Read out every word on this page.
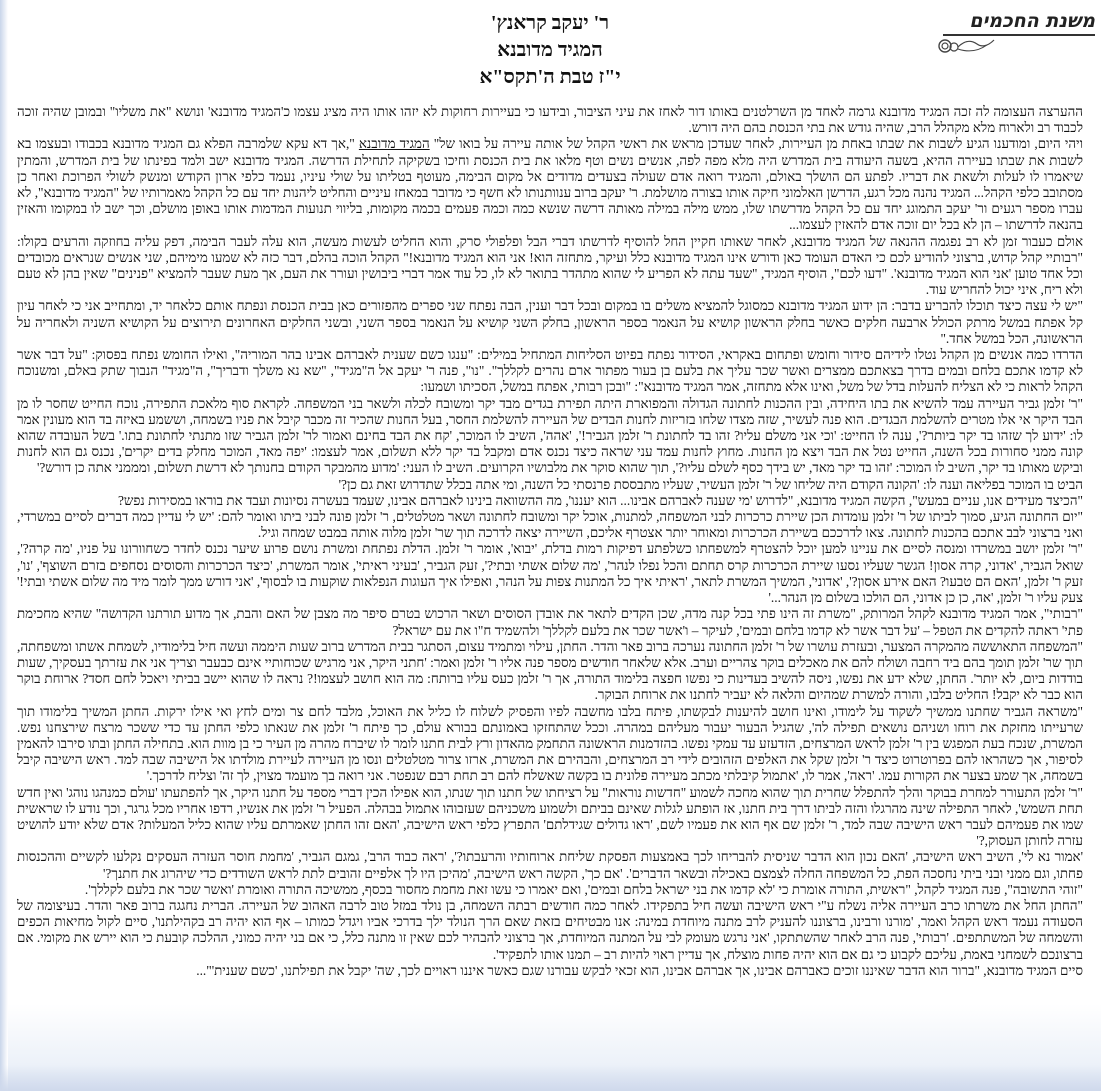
משנת החכמים
ר' יעקב קראנץ'
המגיד מדובנא
י"ז טבת ה'תקס"א

ההערצה העצומה לה זכה המגיד מדובנא גרמה לאחד מן השרלטנים באותו דור לאחז את עיני הציבור, ובידעו כי בעיירות רחוקות לא יזהו אותו היה מציג עצמו כ'המגיד מדובנא' ונושא "את משליו" ובמובן שהיה זוכה לכבוד רב ולארוח מלא מקהלל הרב, שהיה גודש את בתי הכנסת בהם היה דורש.

ויהי היום, ומודענו הגיע לשבות את שבתו באחת מן העיירות, לאחר שעדכן מראש את ראשי הקהל של אותה עיירה על בואו של" המגיד מדובנא ",אך דא עקא שלמרבה הפלא גם המגיד מדובנא בכבודו ובעצמו בא לשבות את שבתו בעיירה ההיא, בשעה היעודה בית המדרש היה מלא מפה לפה, אנשים נשים וטף מלאו את בית הכנסת וחיכו בשקיקה לתחילת הדרשה. המגיד מדובנא ישב ולמד בפינתו של בית המדרש, והמתין שיאמרו לו לעלות ולשאת את דבריו. לפתע הם הושלך באולם, והמגיד רואה אדם שעולה בצעדים מדודים אל מקום הבימה, מעוטף בטליתו על שולי עיניו, נעמד כלפי ארון הקודש ומנשק לשולי הפרוכת ואחר כן מסתובב כלפי הקהל... המגיד נהנה מכל רגע, הדרשן האלמוני חיקה אותו בצורה מושלמת. ר' יעקב ברוב ענוותנותו לא חשף כי מדובר במאחז עיניים והחליט ליהנות יחד עם כל הקהל מאמרותיו של "המגיד מדובנא", לא עברו מספר רגעים ור' יעקב התמוגג יחד עם כל הקהל מדרשתו שלו, ממש מילה במילה מאותה דרשה שנשא כמה וכמה פעמים בכמה מקומות, בליווי תנועות המדמות אותו באופן מושלם, וכך ישב לו במקומו והאזין בהנאה לדרשתו – הן לא בכל יום זוכה אדם להאזין לעצמו...

אולם כעבור זמן לא רב נפגמה ההנאה של המגיד מדובנא, לאחר שאותו חקיין החל להוסיף לדרשתו דברי הבל ופלפולי סרק, והוא החליט לעשות מעשה, הוא עלה לעבר הבימה, דפק עליה בחוזקה והרעים בקולו: "רבותיי קהל קדוש, ברצוני להודיע לכם כי האדם העומד כאן ודורש אינו המגיד מדובנא כלל ועיקר, מתחזה הוא! אני הוא המגיד מדובנא!" הקהל הוכה בהלם, דבר כזה לא שמעו מימיהם, שני אנשים שנראים מכובדים וכל אחד טוען 'אני הוא המגיד מדובנא'. "דעו לכם", הוסיף המגיד, "שעד עתה לא הפריע לי שהוא מתהדר בתואר לא לו, כל עוד אמר דברי ביבושין ועורר את העם, אך מעת שעבר להמציא "פנינים" שאין בהן לא טעם ולא ריח, איני יכול להחריש עוד.

"יש לי עצה כיצד תוכלו להבריע בדבר: הן ידוע המגיד מדובנא כמסוגל להמציא משלים בו במקום ובכל דבר וענין, הבה נפתח שני ספרים מהפזורים כאן בבית הכנסת ונפתח אותם כלאחר יד, ומתחייב אני כי לאחר עיון קל אפתח במשל מרתק הכולל ארבעה חלקים כאשר בחלק הראשון קושיא על הנאמר בספר הראשון, בחלק השני קושיא על הנאמר בספר השני, ובשני החלקים האחרונים תירוצים על הקושיא השניה ולאחריה על הראשונה, הכל במשל אחד."

הדרדו כמה אנשים מן הקהל נטלו לידיהם סידור וחומש ופתחום באקראי, הסידור נפתח בפיוט הסליחות המתחיל במילים: "ענגו כשם שענית לאברהם אבינו בהר המוריה", ואילו החומש נפתח בפסוק: "על דבר אשר לא קדמו אתכם בלחם ובמים בדרך בצאתכם ממצרים ואשר שכר עליך את בלעם בן בעור מפתור ארם נהרים לקללך". "נו", פנה ר' יעקב אל ה"מגיד", "שא נא משלך ודבריך", ה"מגיד" הנבוך שתק באלם, ומשנוכח הקהל לראות כי לא הצליח להעלות בדל של משל, ואינו אלא מתחזה, אמר המגיד מדובנא": "ובכן רבותי, אפתח במשל, הסכיתו ושמעו:

"ר' זלמן גביר העיירה עמד להשיא את בתו היחידה, ובין ההכנות לחתונה הגדולה והמפוארת היתה תפירת בגדים מבד יקר ומשובח לכלה ולשאר בני המשפחה. לקראת סוף מלאכת התפירה, נוכח החייט שחסר לו מן הבד היקר אי אלו מטרים להשלמת הבגדים. הוא פנה לעשיר, שזה מצדו שלחו בזריזות לחנות הבדים של העיירה להשלמת החסר, בעל החנות שהכיר זה מכבר קיבל את פניו בשמחה, וששמע באיזה בד הוא מעונין אמר לו: 'ידוע לך שזהו בד יקר ביותר?', ענה לו החייט: 'וכי אני משלם עליו? זהו בד לחתונת ר' זלמן הגביר!', 'אהה', השיב לו המוכר, 'קח את הבד בחינם ואמור לר' זלמן הגביר שזו מתנתי לחתונת בתו.' בשל העובדה שהוא קונה ממני סחורות בכל השנה, החייט נטל את הבד ויצא מן החנות. מחוץ לחנות עמד עני שראה כיצד נכנס אדם ומקבל בד יקר ללא תשלום, אמר לעצמו: 'יפה מאד, המוכר מחלק בדים יקרים', נכנס גם הוא לחנות וביקש מאותו בד יקר, השיב לו המוכר: 'זהו בד יקר מאד, יש בידך כסף לשלם עליו?', תוך שהוא סוקר את מלבושיו הקרועים. השיב לו העני: 'מדוע מהמבקר הקודם בחנותך לא דרשת תשלום, ומממני אתה כן דורש?'

הביט בו המוכר בפליאה וענה לו: 'הקונה הקודם היה שליחו של ר' זלמן העשיר, שעליו מתבססת פרנסתי כל השנה, ומי אתה בכלל שתדרוש זאת גם כן?'

"הכיצד מעידים אנו, עניים במעש", הקשה המגיד מדובנא, "לדרוש 'מי שענה לאברהם אבינו... הוא יעננו', מה ההשוואה בינינו לאברהם אבינו, שעמד בעשרה נסיונות ועבד את בוראו במסירות נפש?

"יום החתונה הגיע, סמוך לביתו של ר' זלמן עומדות הכן שיירת כרכרות לבני המשפחה, למתנות, אוכל יקר ומשובח לחתונה ושאר מטלטלים, ר' זלמן פונה לבני ביתו ואומר להם: 'יש לי עדיין כמה דברים לסיים במשרדי, ואני ברצוני לבב אתכם בהכנות לחתונה. צאו לדרככם בשיירת הכרכרות ומאוחר יותר אצטרף אליכם, השיירה יצאה לדרכה תוך שר' זלמן מלוה אותה במבט שמחה וגיל.

"ר' זלמן יושב במשרדו ומנסה לסיים את עניינו למען יוכל להצטרף למשפחתו כשלפתע דפיקות רמות בדלת, 'יבוא', אומר ר' זלמן. הדלת נפתחת ומשרת נושם פרוע שיער נכנס לחדר כשחוורונו על פניו, 'מה קרה?', שואל הגביר, 'אדוני, קרה אסון! הגשר שעליו נסעו שיירת הכרכרות קרס תחתם והכל נפלו לנהר', 'מה שלום אשתי ובתי?', זעק הגביר, 'בעיני ראיתי', אומר המשרת, 'כיצד הכרכרות והסוסים נסחפים בזרם השוצף', 'נו', זעק ר' זלמן, 'האם הם טבעו? האם אירע אסון?', 'אדוני', המשיך המשרת לתאר, 'ראיתי איך כל המתנות צפות על הנהר, ואפילו איך העוגות הנפלאות שוקעות בו לבסוף', 'אני דורש ממך לומר מיד מה שלום אשתי ובתי!' צעק עליו ר' זלמן, 'אה, כן כן אדוני, הם הולכו בשלום מן הנהר...'

"רבותי", אמר המגיד מדובנא לקהל המרותק, "משרת זה הינו פתי בכל קנה מדה, שכן הקדים לתאר את אובדן הסוסים ושאר הרכוש בטרם סיפר מה מצבן של האם והבת, אך מדוע תורתנו הקדושה" שהיא מחכימת פתי' ראתה להקדים את הטפל – 'על דבר אשר לא קדמו בלחם ובמים', לעיקר – ו'אשר שכר את בלעם לקללך' ולהשמיד ח"ו את עם ישראל?

"המשפחה התאוששה מהמקרה המצער, ובעזרת עושרו של ר' זלמן החתונה נערכה ברוב פאר והדר. החתן, עילוי ומתמיד עצום, הסתגר בבית המדרש ברוב שעות היממה ועשה חיל בלימודיו, לשמחת אשתו ומשפחתה, תוך שר' זלמן תומך בהם ביד רחבה ושולח להם את מאכלים בוקר צהריים וערב. אלא שלאחר חודשים מספר פנה אליו ר' זלמן ואמר: 'חתני היקר, אני מרגיש שכוחותיי אינם כבעבר וצריך אני את עזרתך בעסקיך, שעות בודדות ביום, לא יותר'. החתן, שלא ידע את נפשו, ניסה להשיב בעדינות כי נפשו חפצה בלימוד התורה, אך ר' זלמן כעס עליו ברותח: מה הוא חושב לעצמו!? נראה לו שהוא יישב בביתי ויאכל לחם חסד? ארוחת בוקר הוא כבר לא יקבל! החליט בלבו, והורה למשרת שמהיום והלאה לא יעביר לחתנו את ארוחת הבוקר.

"משראה הגביר שחתנו ממשיך לשקוד על לימודו, ואינו חושב להיענות לבקשתו, פיתח בלבו מחשבה לפיו והפסיק לשלוח לו כליל את האוכל, מלבד לחם צר ומים לחץ ואי אילו ירקות. החתן המשיך בלימודו תוך שרעייתו מחזקת את רוחו ושניהם נושאים תפילה לה', שהגיל הבעור יעבור מעליהם במהרה. וככל שהתחזקו באמונתם בבורא עולם, כך פיתח ר' זלמן את שנאתו כלפי החתן עד כדי ששכר מרצח שירצחנו נפש. המשרת, שנכח בעת המפגש בין ר' זלמן לראש המרצחים, הזדעזע עד עמקי נפשו. בהזדמנות הראשונה התחמק מהאדון ורץ לבית חתנו לומר לו שיברח מהרה מן העיר כי בן מוות הוא. בתחילה החתן ובתו סירבו להאמין לסיפור, אך כשהראו להם בפרוטרוט כיצד ר' זלמן שקל את האלפים הזהובים לידי רב המרצחים, והבהירם את המשרת, ארזו צרור מטלטלים ונסו מן העיירה לעיירת מולדתו אל הישיבה שבה למד. ראש הישיבה קיבל בשמחה, אך שמע בצער את הקורות עמו. 'ראה', אמר לו, 'אתמול קיבלתי מכתב מעיירה פלונית בו בקשה שאשלח להם רב תחת רבם שנפטר. אני רואה בך מועמד מצוין, לך זה' וצליח לדרכך.'

"ר' זלמן התעורר למחרת בבוקר והלך להתפלל שחרית תוך שהוא מחכה לשמוע "חדשות נוראות" על רציחתו של חתנו תוך שנתו, הוא אפילו הכין דברי מספד על חתנו היקר, אך להפתעתו 'עולם כמנהגו נוהג' ואין חדש תחת השמש', לאחר התפילה שינה מהרגלו והזה לביתו דרך בית חתנו, אז הופתע לגלות שאינם בביתם ולשמוע משכניהם שעזבוהו אתמול בבהלה. הפעיל ר' זלמן את אנשיו, רדפו אחריו מכל גרגר, וכך נודע לו שראשית שמו את פעמיהם לעבר ראש הישיבה שבה למד, ר' זלמן שם אף הוא את פעמיו לשם, 'ראו גדולים שגידלתם' התפרץ כלפי ראש הישיבה, 'האם זהו החתן שאמרתם עליו שהוא כליל המעלות? אדם שלא יודע להושיט עזרה לחותן העסוק,?'

'אמור נא לי', השיב ראש הישיבה, 'האם נכון הוא הדבר שניסית להבריחו לכך באמצעות הפסקת שליחת ארוחותיו והרעבתו?', 'ראה כבוד הרב', גמגם הגביר, 'מחמת חוסר העזרה העסקים נקלעו לקשיים וההכנסות פחתו, וגם ממני ובני ביתי נחסכה הפת, כל המשפחה החלה לצמצם באכילה ובשאר הדברים'. 'אם כך', הקשה ראש הישיבה, 'מהיכן היו לך אלפיים זהובים לתת לראש השודדים כדי שיהרוג את חתנך?'

"זוהי התשובה", פנה המגיד לקהל, "ראשית, התורה אומרת כי 'לא קדמו את בני ישראל בלחם ובמים', ואם יאמרו כי עשו זאת מחמת מחסור בכסף, ממשיכה התורה ואומרת 'ואשר שכר את בלעם לקללך'.

"החתן החל את משרתו כרב העיירה אליה נשלח ע"י ראש הישיבה ועשה חיל בתפקידו. לאחר כמה חודשים רבתה השמחה, בן נולד במזל טוב לרבה האהוב של העיירה. הברית נחגגה ברוב פאר והדר. בעיצומה של הסעודה נעמד ראש הקהל ואמר, 'מורנו ורבינו, ברצוננו להעניק לרב מתנה מיוחדת במינה: אנו מבטיחים בזאת שאם הרך הנולד ילך בדרכי אביו ויגדל כמותו – אף הוא יהיה רב בקהילתנו', סיים לקול מחיאות הכפים והשמחה של המשתתפים. 'רבותי', פנה הרב לאחר שהשתתקו, 'אני נרגש מעומק לבי על המתנה המיוחדת, אך ברצוני להבהיר לכם שאין זו מתנה כלל, כי אם בני יהיה כמוני, ההלכה קובעת כי הוא יירש את מקומי. אם ברצונכם לשמחני באמת, עליכם לקבוע כי גם אם הוא יהיה פחות מוצלח, אך עדיין ראוי להיות רב – תמנו אותו לתפקיד'.

סיים המגיד מדובנא, "ברור הוא הדבר שאיננו זוכים כאברהם אבינו, אך אברהם אבינו, הוא זכאי לבקש עבורנו שגם כאשר איננו ראויים לכך, שה' יקבל את תפילתנו, 'כשם שענית'"...
